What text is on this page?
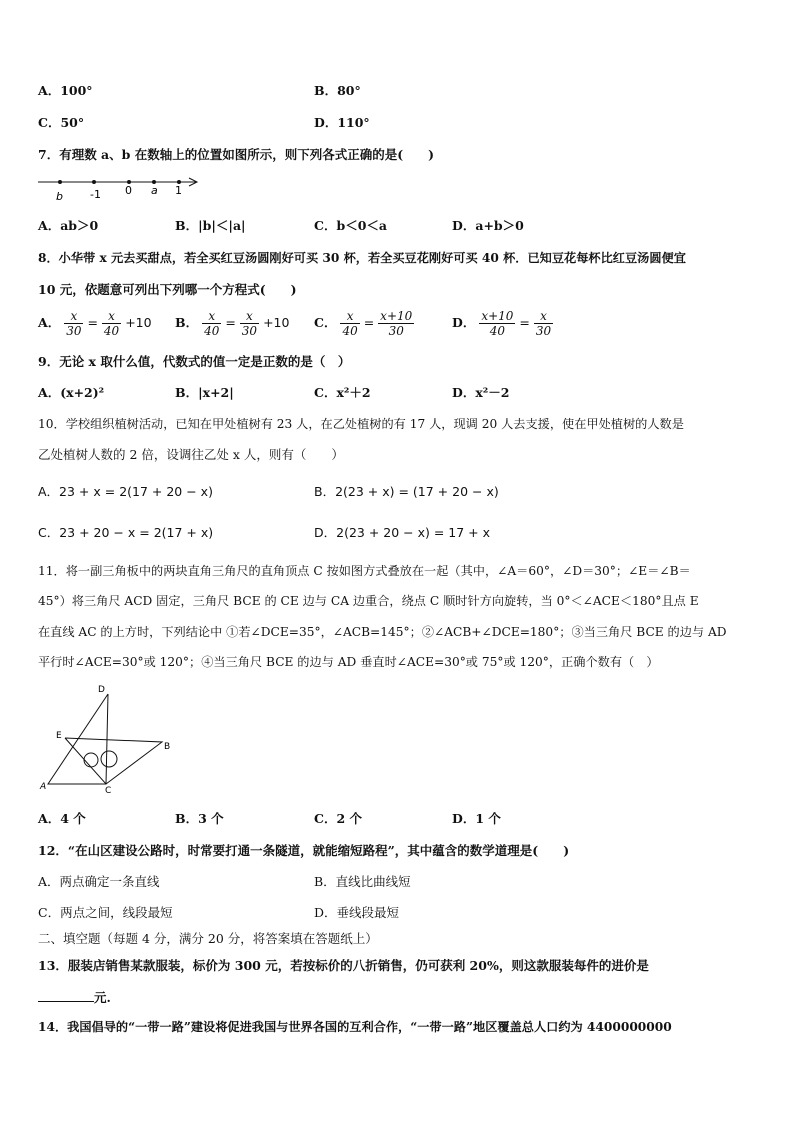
A．100°	B．80°
C．50°	D．110°
7．有理数 a、b 在数轴上的位置如图所示，则下列各式正确的是(　　)
b -1 0 a 1
A．ab＞0	B．|b|＜|a|	C．b＜0＜a	D．a+b＞0
8．小华带 x 元去买甜点，若全买红豆汤圆刚好可买 30 杯，若全买豆花刚好可买 40 杯．已知豆花每杯比红豆汤圆便宜
10 元，依题意可列出下列哪一个方程式(　　)
A． $\frac{x}{30} = \frac{x}{40} +10$ B． $\frac{x}{40} = \frac{x}{30} +10$ C． $\frac{x}{40} = \frac{x+10}{30}$	D． $\frac{x+10}{40} = \frac{x}{30}$
9．无论 x 取什么值，代数式的值一定是正数的是（　）
A．(x+2)²	B．|x+2|	C．x²＋2	D．x²－2
10．学校组织植树活动，已知在甲处植树有 23 人，在乙处植树的有 17 人，现调 20 人去支援，使在甲处植树的人数是
乙处植树人数的 2 倍，设调往乙处 x 人，则有（　　）
A．23 + x = 2(17 + 20 − x)	B．2(23 + x) = (17 + 20 − x)
C．23 + 20 − x = 2(17 + x)	D．2(23 + 20 − x) = 17 + x
11．将一副三角板中的两块直角三角尺的直角顶点 C 按如图方式叠放在一起（其中，∠A＝60°，∠D＝30°；∠E＝∠B＝
45°）将三角尺 ACD 固定，三角尺 BCE 的 CE 边与 CA 边重合，绕点 C 顺时针方向旋转，当 0°＜∠ACE＜180°且点 E
在直线 AC 的上方时，下列结论中 ①若∠DCE=35°，∠ACB=145°；②∠ACB+∠DCE=180°；③当三角尺 BCE 的边与 AD
平行时∠ACE=30°或 120°；④当三角尺 BCE 的边与 AD 垂直时∠ACE=30°或 75°或 120°，正确个数有（　）
D
E
B
A	C
A．4 个	B．3 个	C．2 个	D．1 个
12．“在山区建设公路时，时常要打通一条隧道，就能缩短路程”，其中蕴含的数学道理是(　　)
A．两点确定一条直线	B．直线比曲线短
C．两点之间，线段最短	D．垂线段最短
二、填空题（每题 4 分，满分 20 分，将答案填在答题纸上）
13．服装店销售某款服装，标价为 300 元，若按标价的八折销售，仍可获利 20%，则这款服装每件的进价是
元.
14．我国倡导的“一带一路”建设将促进我国与世界各国的互利合作，“一带一路”地区覆盖总人口约为 4400000000
